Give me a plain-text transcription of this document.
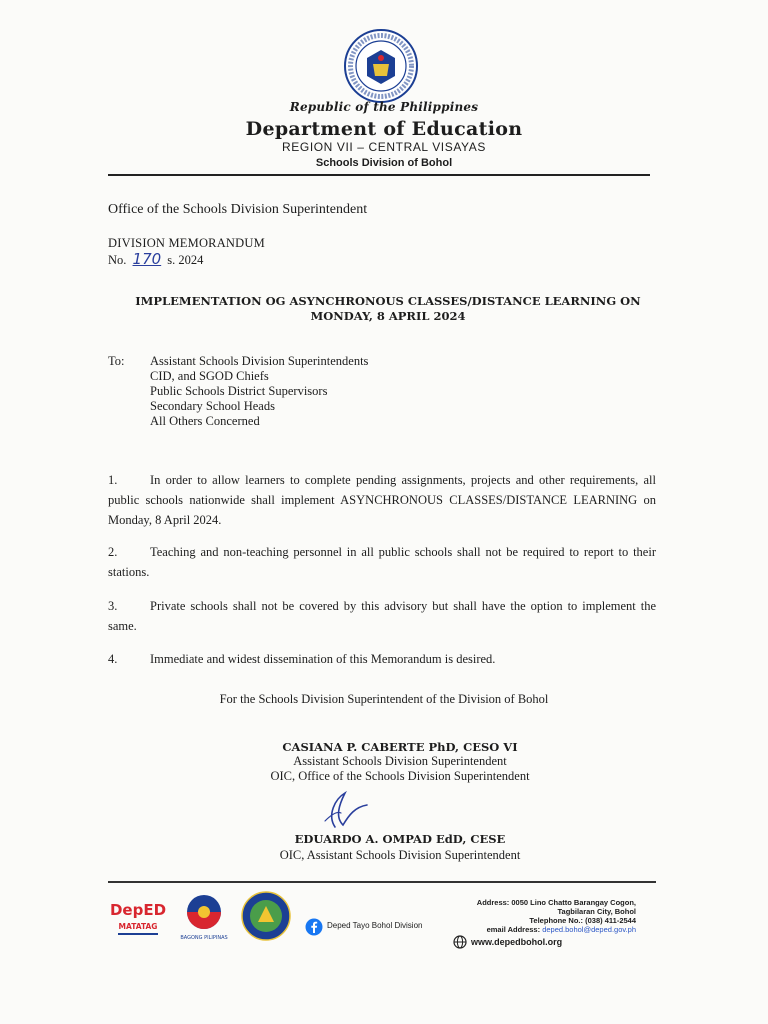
Republic of the Philippines
Department of Education
REGION VII – CENTRAL VISAYAS
Schools Division of Bohol
Office of the Schools Division Superintendent
DIVISION MEMORANDUM
No. 170 s. 2024
IMPLEMENTATION OG ASYNCHRONOUS CLASSES/DISTANCE LEARNING ON
MONDAY, 8 APRIL 2024
To: Assistant Schools Division Superintendents
CID, and SGOD Chiefs
Public Schools District Supervisors
Secondary School Heads
All Others Concerned
1.	In order to allow learners to complete pending assignments, projects and other requirements, all public schools nationwide shall implement ASYNCHRONOUS CLASSES/DISTANCE LEARNING on Monday, 8 April 2024.
2.	Teaching and non-teaching personnel in all public schools shall not be required to report to their stations.
3.	Private schools shall not be covered by this advisory but shall have the option to implement the same.
4.	Immediate and widest dissemination of this Memorandum is desired.
For the Schools Division Superintendent of the Division of Bohol
CASIANA P. CABERTE PhD, CESO VI
Assistant Schools Division Superintendent
OIC, Office of the Schools Division Superintendent
EDUARDO A. OMPAD EdD, CESE
OIC, Assistant Schools Division Superintendent
DepED
MATATAG
BAGONG PILIPINAS
Deped Tayo Bohol Division
Address: 0050 Lino Chatto Barangay Cogon,
Tagbilaran City, Bohol
Telephone No.: (038) 411-2544
email Address: deped.bohol@deped.gov.ph
www.depedbohol.org
